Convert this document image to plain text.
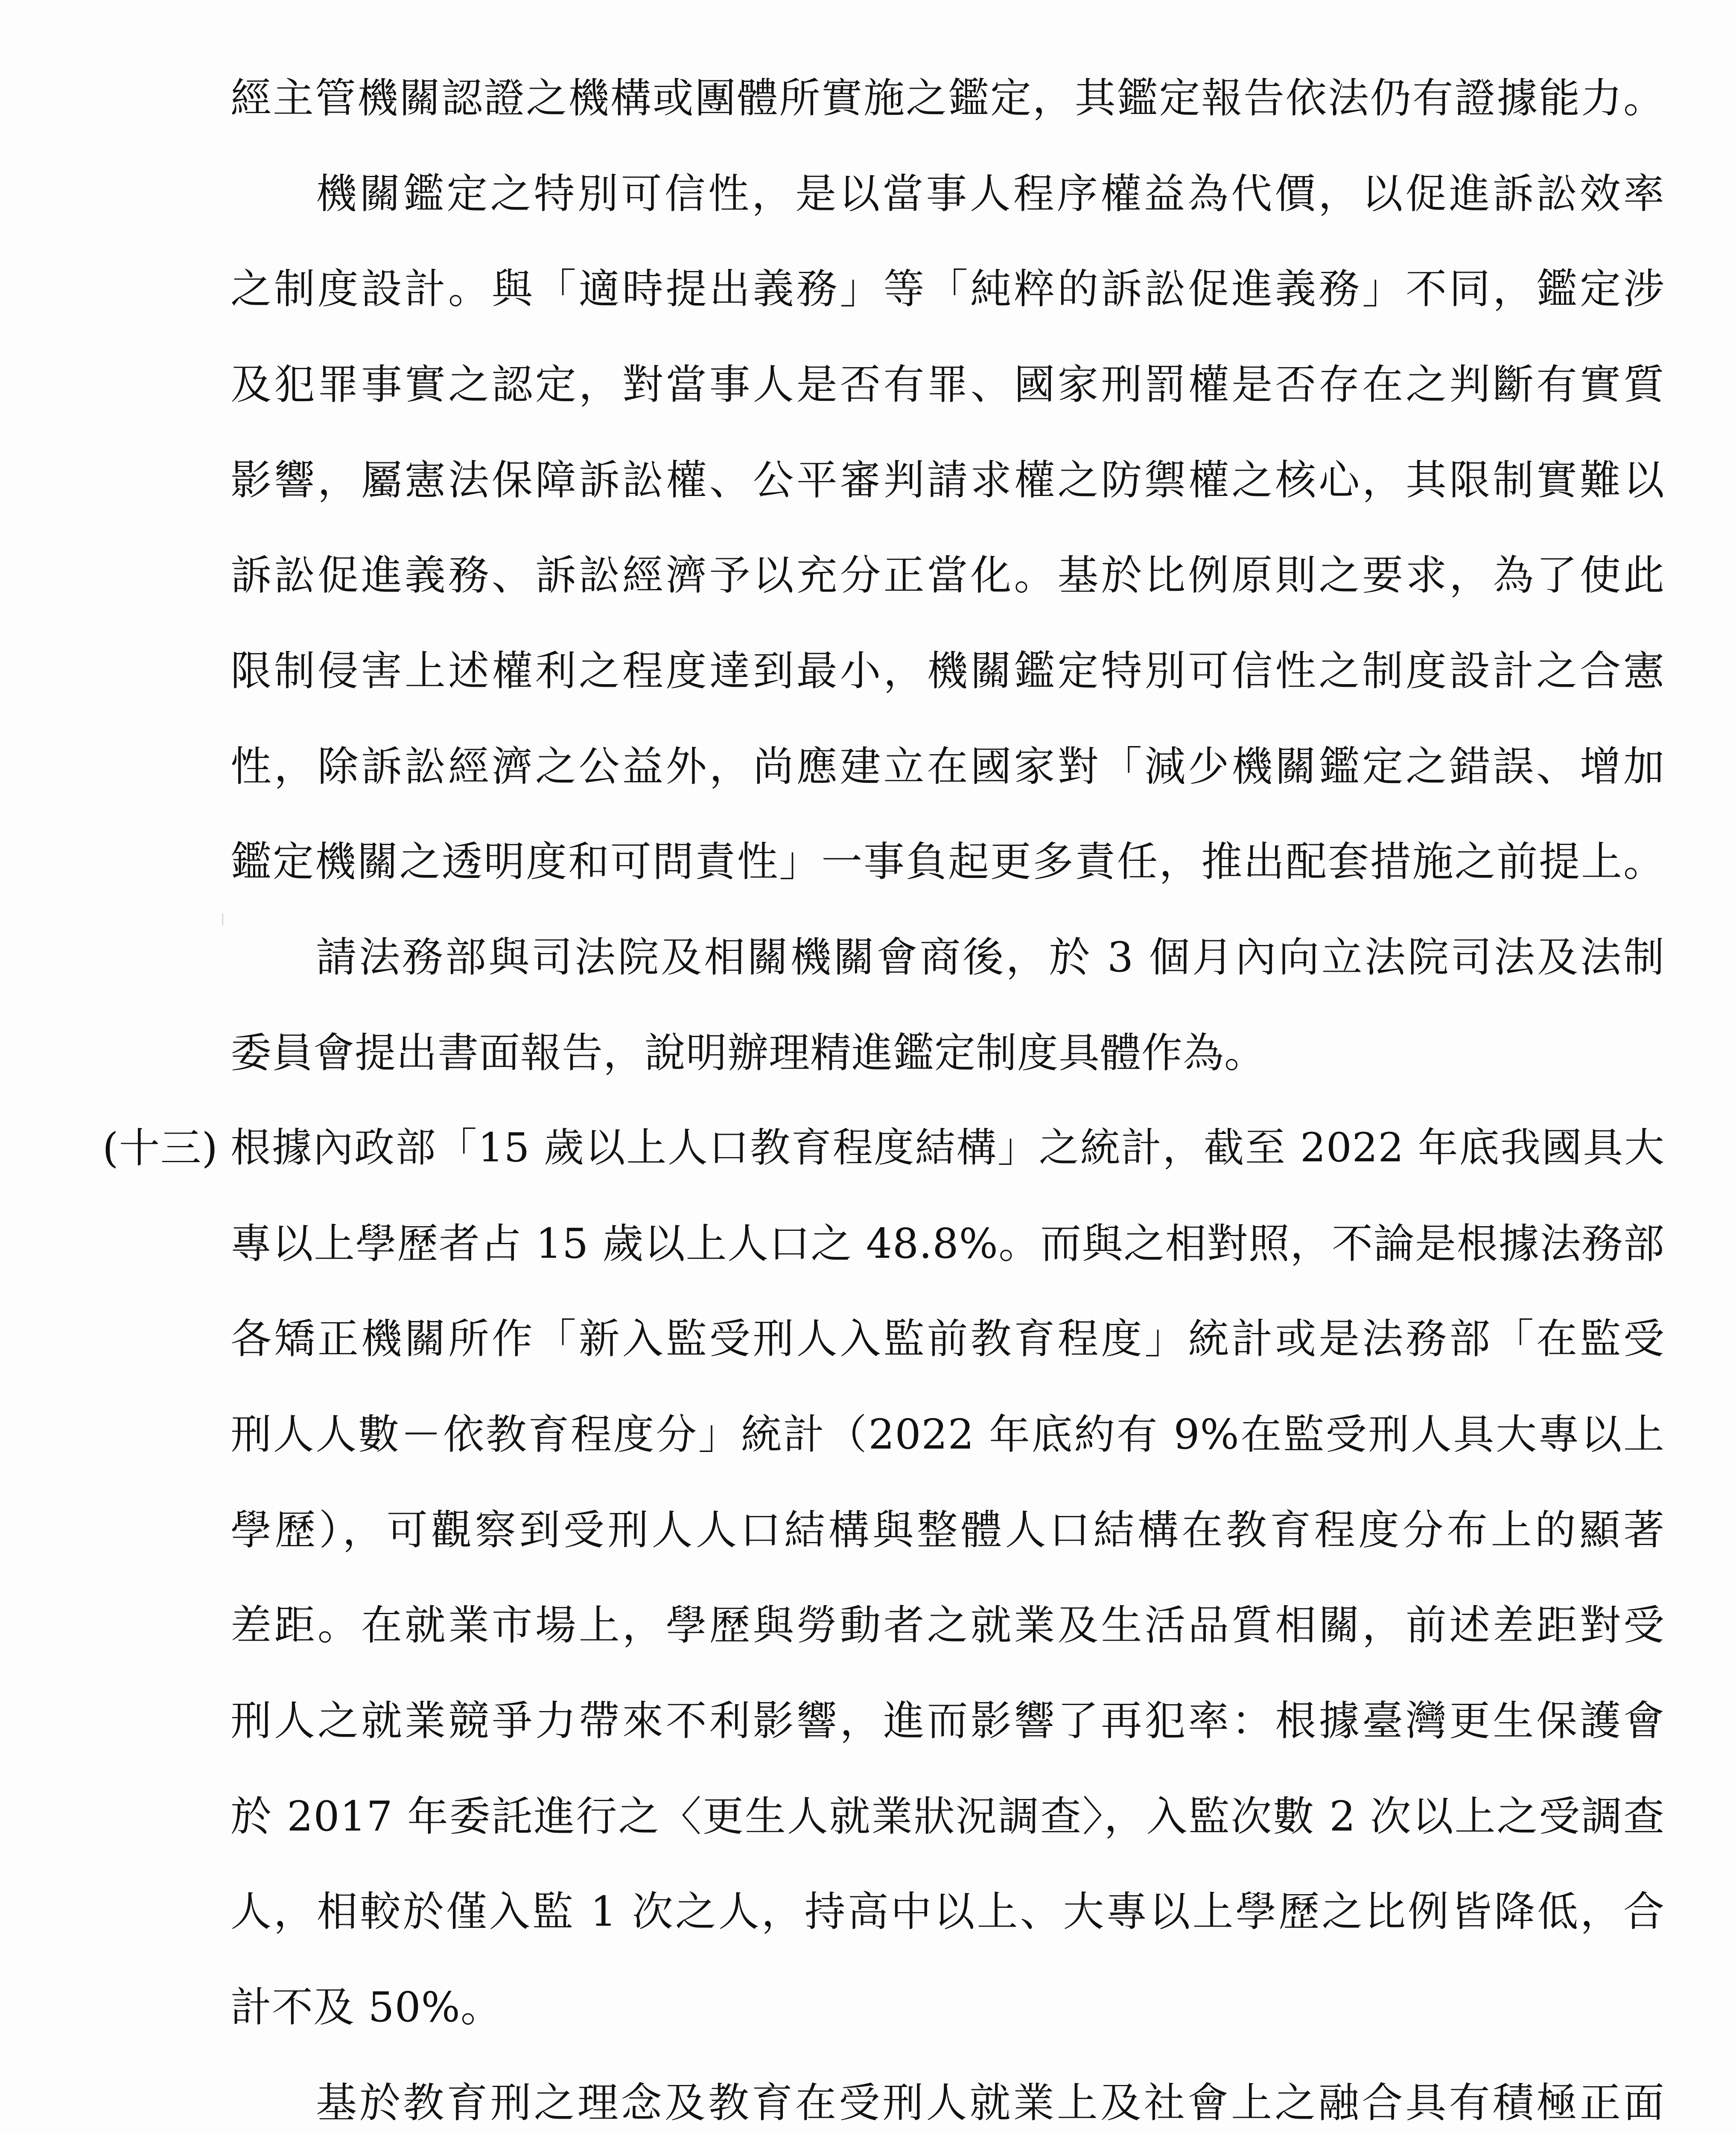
經主管機關認證之機構或團體所實施之鑑定，其鑑定報告依法仍有證據能力。
機關鑑定之特別可信性，是以當事人程序權益為代價，以促進訴訟效率
之制度設計。與「適時提出義務」等「純粹的訴訟促進義務」不同，鑑定涉
及犯罪事實之認定，對當事人是否有罪、國家刑罰權是否存在之判斷有實質
影響，屬憲法保障訴訟權、公平審判請求權之防禦權之核心，其限制實難以
訴訟促進義務、訴訟經濟予以充分正當化。基於比例原則之要求，為了使此
限制侵害上述權利之程度達到最小，機關鑑定特別可信性之制度設計之合憲
性，除訴訟經濟之公益外，尚應建立在國家對「減少機關鑑定之錯誤、增加
鑑定機關之透明度和可問責性」一事負起更多責任，推出配套措施之前提上。
請法務部與司法院及相關機關會商後，於 3 個月內向立法院司法及法制
委員會提出書面報告，說明辦理精進鑑定制度具體作為。
(十三) 根據內政部「15 歲以上人口教育程度結構」之統計，截至 2022 年底我國具大
專以上學歷者占 15 歲以上人口之 48.8%。而與之相對照，不論是根據法務部
各矯正機關所作「新入監受刑人入監前教育程度」統計或是法務部「在監受
刑人人數－依教育程度分」統計（2022 年底約有 9%在監受刑人具大專以上
學歷），可觀察到受刑人人口結構與整體人口結構在教育程度分布上的顯著
差距。在就業市場上，學歷與勞動者之就業及生活品質相關，前述差距對受
刑人之就業競爭力帶來不利影響，進而影響了再犯率：根據臺灣更生保護會
於 2017 年委託進行之〈更生人就業狀況調查〉，入監次數 2 次以上之受調查
人，相較於僅入監 1 次之人，持高中以上、大專以上學歷之比例皆降低，合
計不及 50%。
基於教育刑之理念及教育在受刑人就業上及社會上之融合具有積極正面
